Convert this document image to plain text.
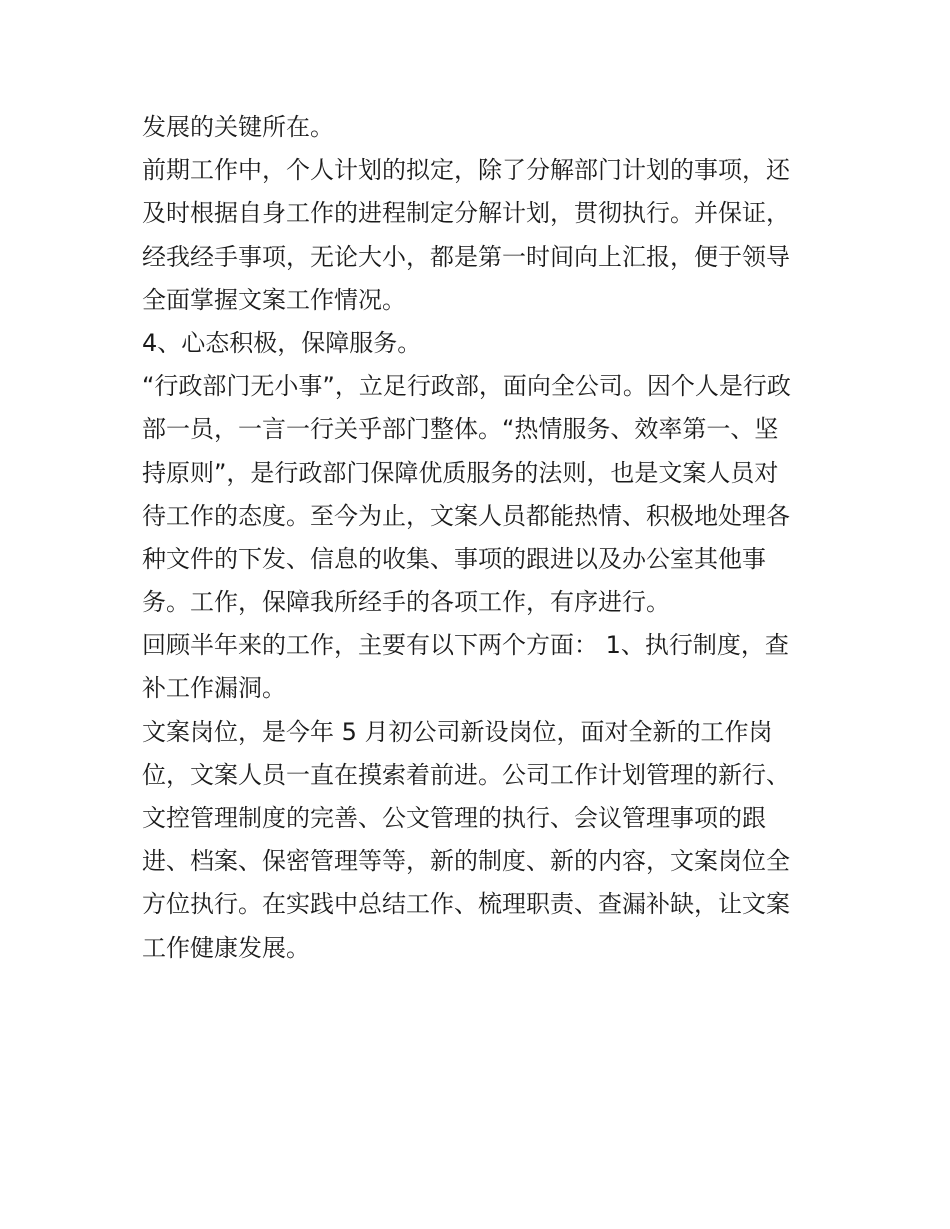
发展的关键所在。
前期工作中，个人计划的拟定，除了分解部门计划的事项，还
及时根据自身工作的进程制定分解计划，贯彻执行。并保证，
经我经手事项，无论大小，都是第一时间向上汇报，便于领导
全面掌握文案工作情况。
4、心态积极，保障服务。
“行政部门无小事”，立足行政部，面向全公司。因个人是行政
部一员，一言一行关乎部门整体。“热情服务、效率第一、坚
持原则”，是行政部门保障优质服务的法则，也是文案人员对
待工作的态度。至今为止，文案人员都能热情、积极地处理各
种文件的下发、信息的收集、事项的跟进以及办公室其他事
务。工作，保障我所经手的各项工作，有序进行。
回顾半年来的工作，主要有以下两个方面： 1、执行制度，查
补工作漏洞。
文案岗位，是今年 5 月初公司新设岗位，面对全新的工作岗
位，文案人员一直在摸索着前进。公司工作计划管理的新行、
文控管理制度的完善、公文管理的执行、会议管理事项的跟
进、档案、保密管理等等，新的制度、新的内容，文案岗位全
方位执行。在实践中总结工作、梳理职责、查漏补缺，让文案
工作健康发展。
